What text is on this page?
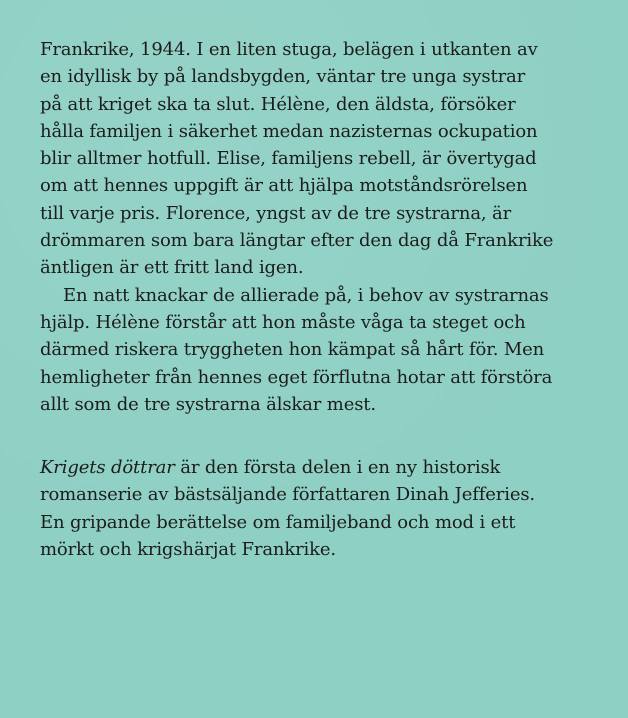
Frankrike, 1944. I en liten stuga, belägen i utkanten av
en idyllisk by på landsbygden, väntar tre unga systrar
på att kriget ska ta slut. Hélène, den äldsta, försöker
hålla familjen i säkerhet medan nazisternas ockupation
blir alltmer hotfull. Elise, familjens rebell, är övertygad
om att hennes uppgift är att hjälpa motståndsrörelsen
till varje pris. Florence, yngst av de tre systrarna, är
drömmaren som bara längtar efter den dag då Frankrike
äntligen är ett fritt land igen.

En natt knackar de allierade på, i behov av systrarnas
hjälp. Hélène förstår att hon måste våga ta steget och
därmed riskera tryggheten hon kämpat så hårt för. Men
hemligheter från hennes eget förflutna hotar att förstöra
allt som de tre systrarna älskar mest.

Krigets döttrar är den första delen i en ny historisk
romanserie av bästsäljande författaren Dinah Jefferies.
En gripande berättelse om familjeband och mod i ett
mörkt och krigshärjat Frankrike.
